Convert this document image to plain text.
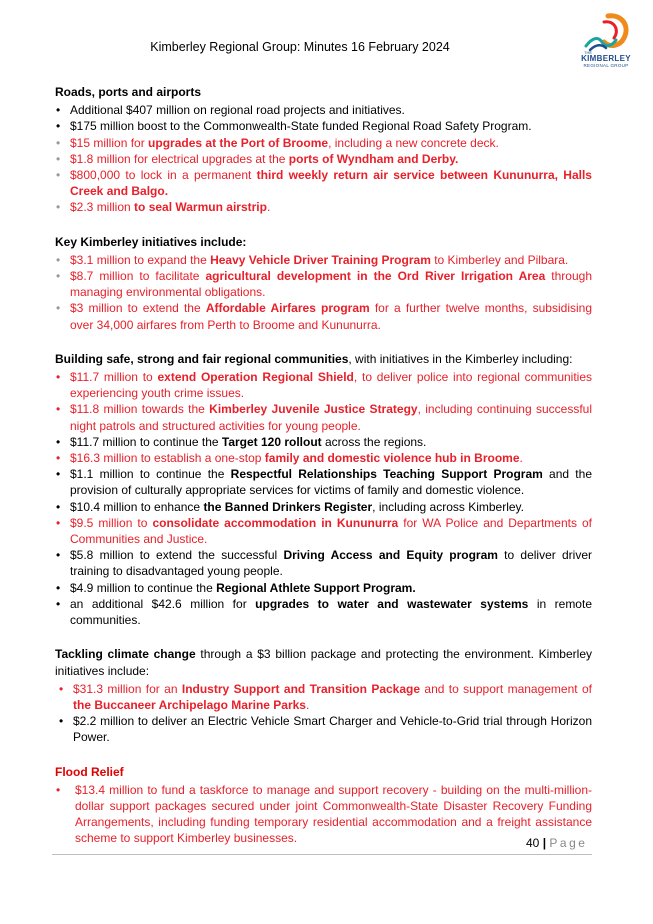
Kimberley Regional Group: Minutes 16 February 2024	THE
KIMBERLEY
REGIONAL GROUP
Roads, ports and airports
• Additional $407 million on regional road projects and initiatives.
• $175 million boost to the Commonwealth-State funded Regional Road Safety Program.
• $15 million for upgrades at the Port of Broome, including a new concrete deck.
• $1.8 million for electrical upgrades at the ports of Wyndham and Derby.
• $800,000 to lock in a permanent third weekly return air service between Kununurra, Halls Creek and Balgo.
• $2.3 million to seal Warmun airstrip.
Key Kimberley initiatives include:
• $3.1 million to expand the Heavy Vehicle Driver Training Program to Kimberley and Pilbara.
• $8.7 million to facilitate agricultural development in the Ord River Irrigation Area through managing environmental obligations.
• $3 million to extend the Affordable Airfares program for a further twelve months, subsidising over 34,000 airfares from Perth to Broome and Kununurra.
Building safe, strong and fair regional communities, with initiatives in the Kimberley including:
• $11.7 million to extend Operation Regional Shield, to deliver police into regional communities experiencing youth crime issues.
• $11.8 million towards the Kimberley Juvenile Justice Strategy, including continuing successful night patrols and structured activities for young people.
• $11.7 million to continue the Target 120 rollout across the regions.
• $16.3 million to establish a one-stop family and domestic violence hub in Broome.
• $1.1 million to continue the Respectful Relationships Teaching Support Program and the provision of culturally appropriate services for victims of family and domestic violence.
• $10.4 million to enhance the Banned Drinkers Register, including across Kimberley.
• $9.5 million to consolidate accommodation in Kununurra for WA Police and Departments of Communities and Justice.
• $5.8 million to extend the successful Driving Access and Equity program to deliver driver training to disadvantaged young people.
• $4.9 million to continue the Regional Athlete Support Program.
• an additional $42.6 million for upgrades to water and wastewater systems in remote communities.
Tackling climate change through a $3 billion package and protecting the environment. Kimberley initiatives include:
• $31.3 million for an Industry Support and Transition Package and to support management of the Buccaneer Archipelago Marine Parks.
• $2.2 million to deliver an Electric Vehicle Smart Charger and Vehicle-to-Grid trial through Horizon Power.
Flood Relief
• $13.4 million to fund a taskforce to manage and support recovery - building on the multi-million-dollar support packages secured under joint Commonwealth-State Disaster Recovery Funding Arrangements, including funding temporary residential accommodation and a freight assistance scheme to support Kimberley businesses.	40 | Page
